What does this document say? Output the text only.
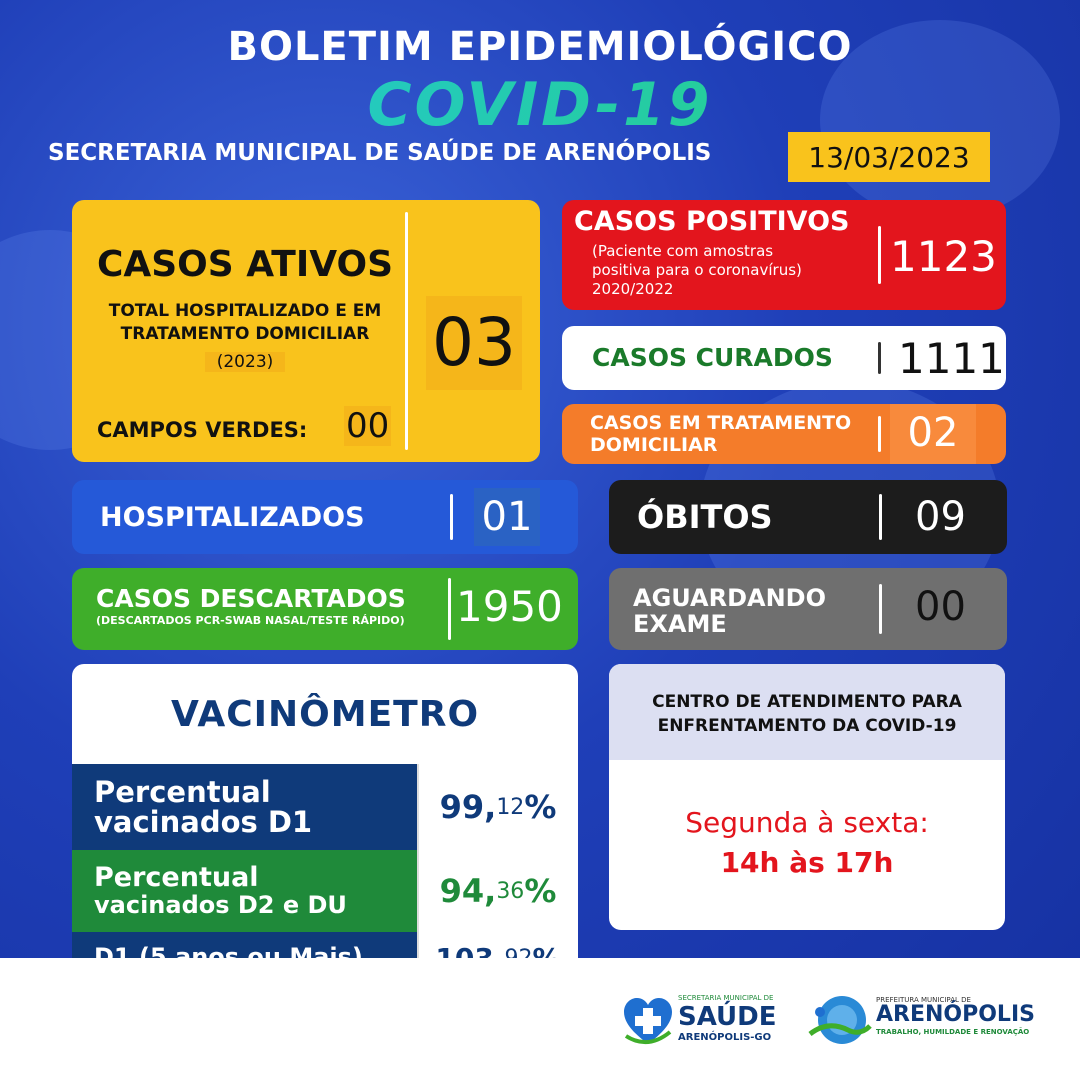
BOLETIM EPIDEMIOLÓGICO
COVID-19
SECRETARIA MUNICIPAL DE SAÚDE DE ARENÓPOLIS	13/03/2023
CASOS ATIVOS
TOTAL HOSPITALIZADO E EM TRATAMENTO DOMICILIAR
(2023)
CAMPOS VERDES: 00
03
CASOS POSITIVOS
(Paciente com amostras
positiva para o coronavírus)
2020/2022
1123
CASOS CURADOS 1111
CASOS EM TRATAMENTO
DOMICILIAR	02
HOSPITALIZADOS	01	ÓBITOS	09
CASOS DESCARTADOS
(DESCARTADOS PCR-SWAB NASAL/TESTE RÁPIDO) 1950	AGUARDANDO
EXAME	00
VACINÔMETRO
Percentual
vacinados D1	99, 12 %
Percentual
vacinados D2 e DU	94, 36 %
CENTRO DE ATENDIMENTO PARA
ENFRENTAMENTO DA COVID-19
Segunda à sexta:
14h às 17h
SECRETARIA MUNICIPAL DE
SAÚDE
ARENÓPOLIS-GO
PREFEITURA MUNICIPAL DE
ARENÓPOLIS
TRABALHO, HUMILDADE E RENOVAÇÃO
